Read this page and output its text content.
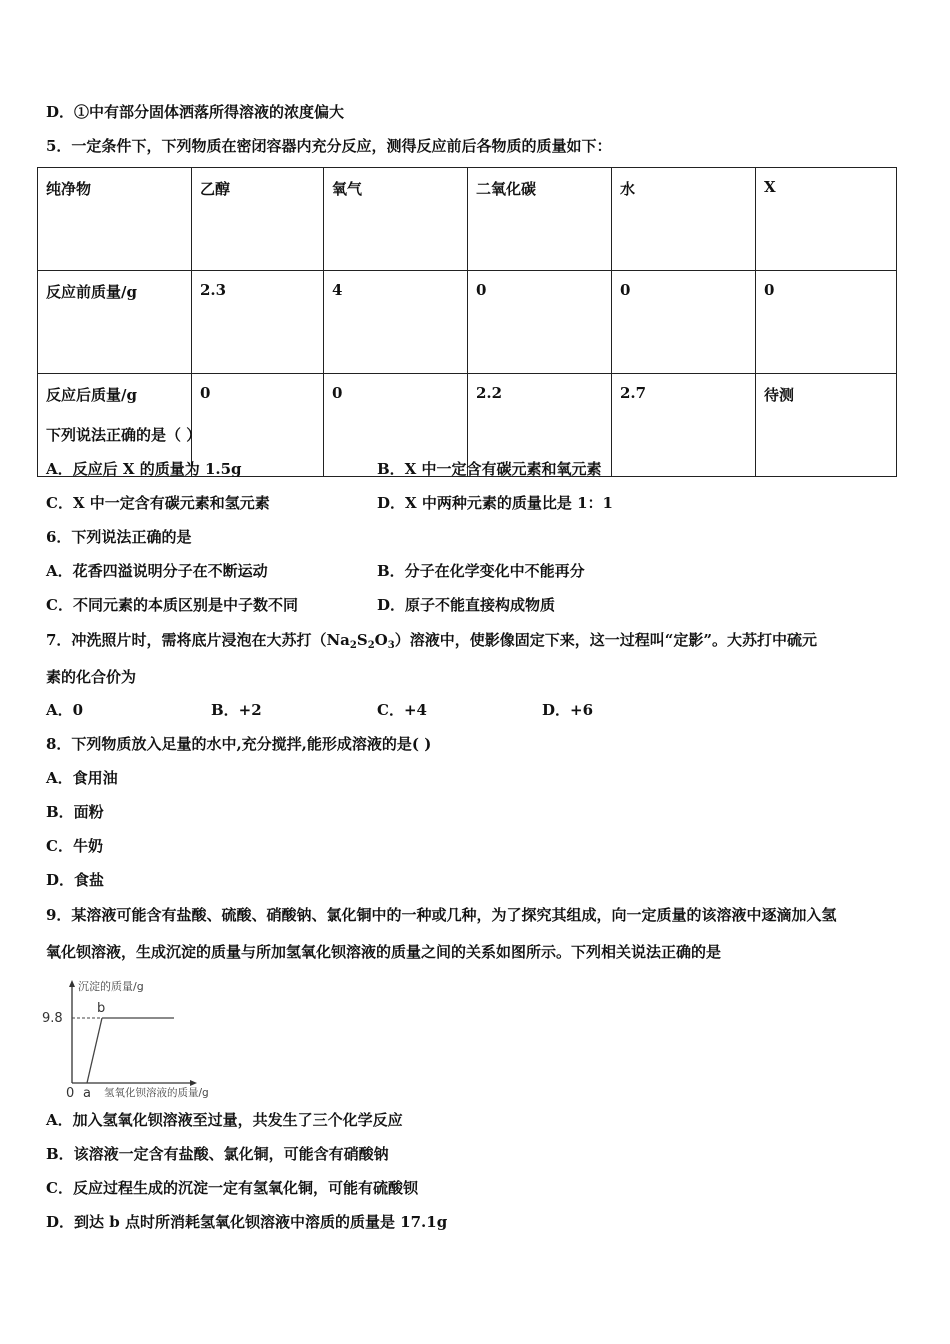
D．①中有部分固体洒落所得溶液的浓度偏大
5．一定条件下，下列物质在密闭容器内充分反应，测得反应前后各物质的质量如下：
纯净物	乙醇	氧气	二氧化碳	水	X
反应前质量/g	2.3	4	0	0	0
反应后质量/g	0	0	2.2	2.7	待测
下列说法正确的是（ ）
A．反应后 X 的质量为 1.5g	B．X 中一定含有碳元素和氧元素
C．X 中一定含有碳元素和氢元素	D．X 中两种元素的质量比是 1：1
6．下列说法正确的是
A．花香四溢说明分子在不断运动	B．分子在化学变化中不能再分
C．不同元素的本质区别是中子数不同	D．原子不能直接构成物质
7．冲洗照片时，需将底片浸泡在大苏打$(Na_2S_2O_3)$溶液中，使影像固定下来，这一过程叫“定影”。大苏打中硫元
素的化合价为
A．0	B．+2	C．+4	D．+6
8．下列物质放入足量的水中,充分搅拌,能形成溶液的是( )
A．食用油
B．面粉
C．牛奶
D．食盐
9．某溶液可能含有盐酸、硫酸、硝酸钠、氯化铜中的一种或几种，为了探究其组成，向一定质量的该溶液中逐滴加入氢
氧化钡溶液，生成沉淀的质量与所加氢氧化钡溶液的质量之间的关系如图所示。下列相关说法正确的是
沉淀的质量/g
9.8
b
0 a 氢氧化钡溶液的质量/g
A．加入氢氧化钡溶液至过量，共发生了三个化学反应
B．该溶液一定含有盐酸、氯化铜，可能含有硝酸钠
C．反应过程生成的沉淀一定有氢氧化铜，可能有硫酸钡
D．到达 b 点时所消耗氢氧化钡溶液中溶质的质量是 17.1g
